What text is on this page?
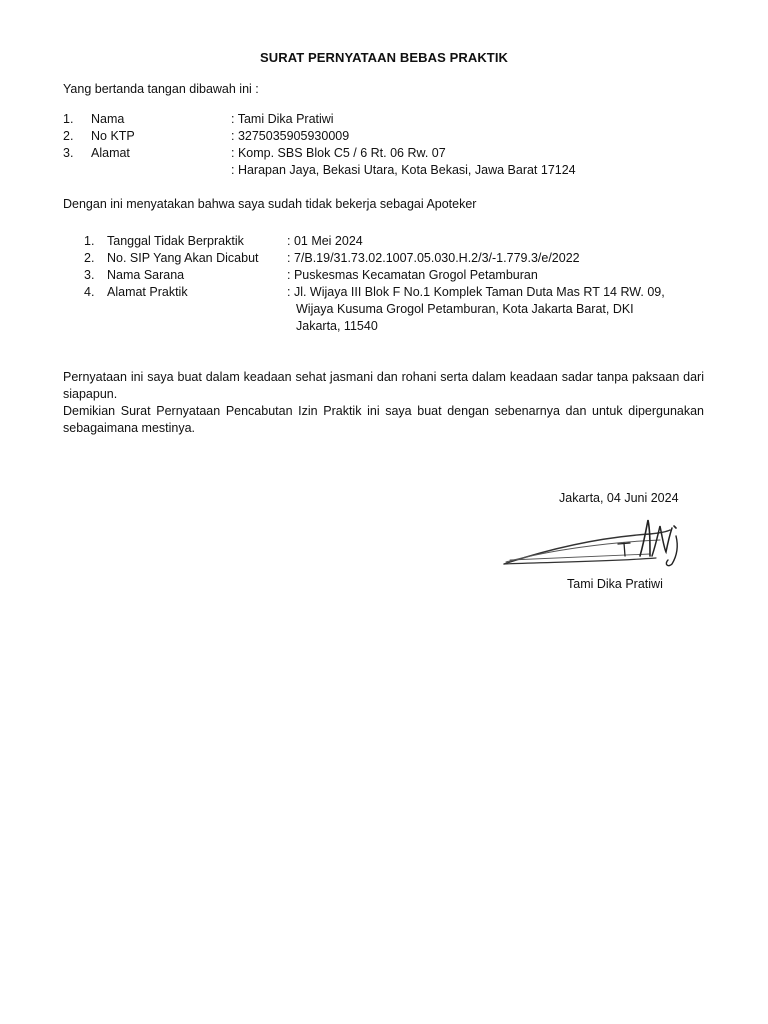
SURAT PERNYATAAN BEBAS PRAKTIK
Yang bertanda tangan dibawah ini :
1. Nama	: Tami Dika Pratiwi
2. No KTP	: 3275035905930009
3. Alamat	: Komp. SBS Blok C5 / 6 Rt. 06 Rw. 07
: Harapan Jaya, Bekasi Utara, Kota Bekasi, Jawa Barat 17124
Dengan ini menyatakan bahwa saya sudah tidak bekerja sebagai Apoteker
1. Tanggal Tidak Berpraktik	: 01 Mei 2024
2. No. SIP Yang Akan Dicabut : 7/B.19/31.73.02.1007.05.030.H.2/3/-1.779.3/e/2022
3. Nama Sarana	: Puskesmas Kecamatan Grogol Petamburan
4. Alamat Praktik	: Jl. Wijaya III Blok F No.1 Komplek Taman Duta Mas RT 14 RW. 09,
Wijaya Kusuma Grogol Petamburan, Kota Jakarta Barat, DKI
Jakarta, 11540
Pernyataan ini saya buat dalam keadaan sehat jasmani dan rohani serta dalam keadaan sadar tanpa paksaan dari siapapun.
Demikian Surat Pernyataan Pencabutan Izin Praktik ini saya buat dengan sebenarnya dan untuk dipergunakan sebagaimana mestinya.
Jakarta, 04 Juni 2024
Tami Dika Pratiwi
